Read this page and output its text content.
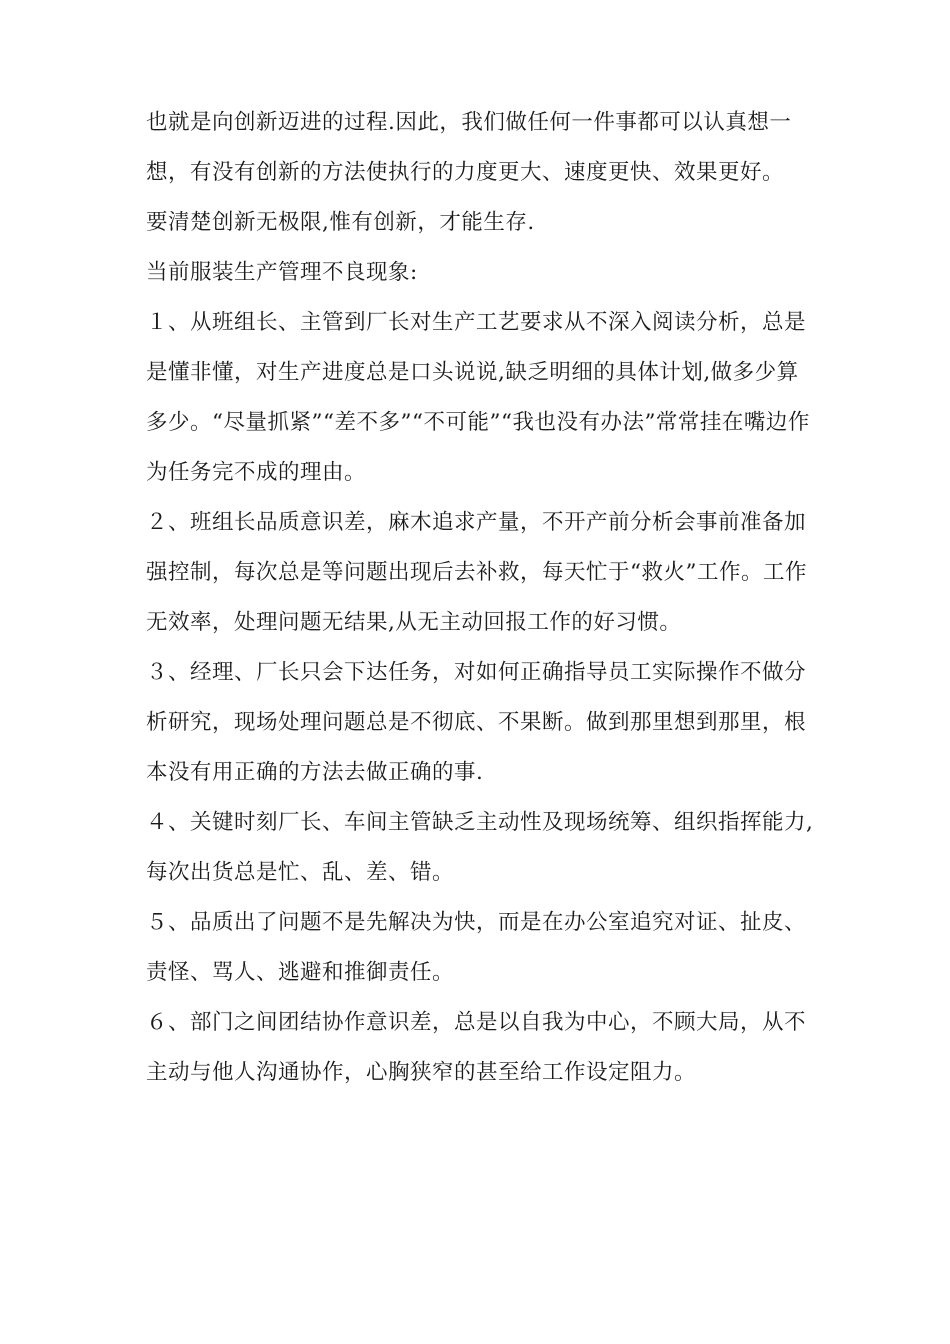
也就是向创新迈进的过程.因此，我们做任何一件事都可以认真想一想，有没有创新的方法使执行的力度更大、速度更快、效果更好。

要清楚创新无极限,惟有创新，才能生存.

当前服装生产管理不良现象:

１、从班组长、主管到厂长对生产工艺要求从不深入阅读分析，总是是懂非懂，对生产进度总是口头说说,缺乏明细的具体计划,做多少算多少。“尽量抓紧”“差不多”“不可能”“我也没有办法”常常挂在嘴边作为任务完不成的理由。

２、班组长品质意识差，麻木追求产量，不开产前分析会事前准备加强控制，每次总是等问题出现后去补救，每天忙于“救火”工作。工作无效率，处理问题无结果,从无主动回报工作的好习惯。

３、经理、厂长只会下达任务，对如何正确指导员工实际操作不做分析研究，现场处理问题总是不彻底、不果断。做到那里想到那里，根本没有用正确的方法去做正确的事.

４、关键时刻厂长、车间主管缺乏主动性及现场统筹、组织指挥能力,每次出货总是忙、乱、差、错。

５、品质出了问题不是先解决为快，而是在办公室追究对证、扯皮、责怪、骂人、逃避和推御责任。

６、部门之间团结协作意识差，总是以自我为中心，不顾大局，从不主动与他人沟通协作，心胸狭窄的甚至给工作设定阻力。
